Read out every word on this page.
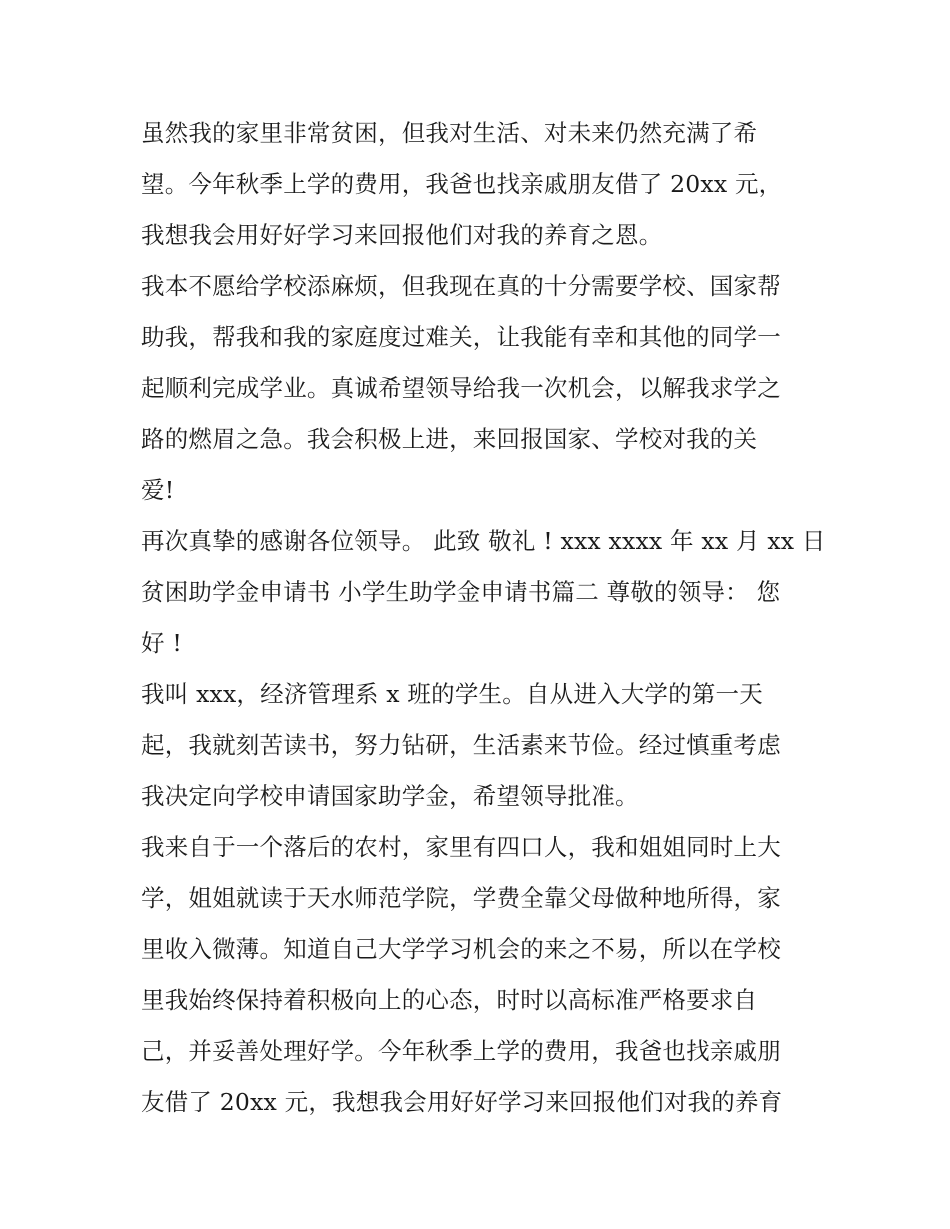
虽然我的家里非常贫困，但我对生活、对未来仍然充满了希
望。今年秋季上学的费用，我爸也找亲戚朋友借了 20xx 元，
我想我会用好好学习来回报他们对我的养育之恩。
我本不愿给学校添麻烦，但我现在真的十分需要学校、国家帮
助我，帮我和我的家庭度过难关，让我能有幸和其他的同学一
起顺利完成学业。真诚希望领导给我一次机会，以解我求学之
路的燃眉之急。我会积极上进，来回报国家、学校对我的关
爱!
再次真挚的感谢各位领导。 此致 敬礼 ! xxx xxxx 年 xx 月 xx 日
贫困助学金申请书 小学生助学金申请书篇二 尊敬的领导： 您
好 !
我叫 xxx，经济管理系 x 班的学生。自从进入大学的第一天
起，我就刻苦读书，努力钻研，生活素来节俭。经过慎重考虑
我决定向学校申请国家助学金，希望领导批准。
我来自于一个落后的农村，家里有四口人，我和姐姐同时上大
学，姐姐就读于天水师范学院，学费全靠父母做种地所得，家
里收入微薄。知道自己大学学习机会的来之不易，所以在学校
里我始终保持着积极向上的心态，时时以高标准严格要求自
己，并妥善处理好学。今年秋季上学的费用，我爸也找亲戚朋
友借了 20xx 元，我想我会用好好学习来回报他们对我的养育
